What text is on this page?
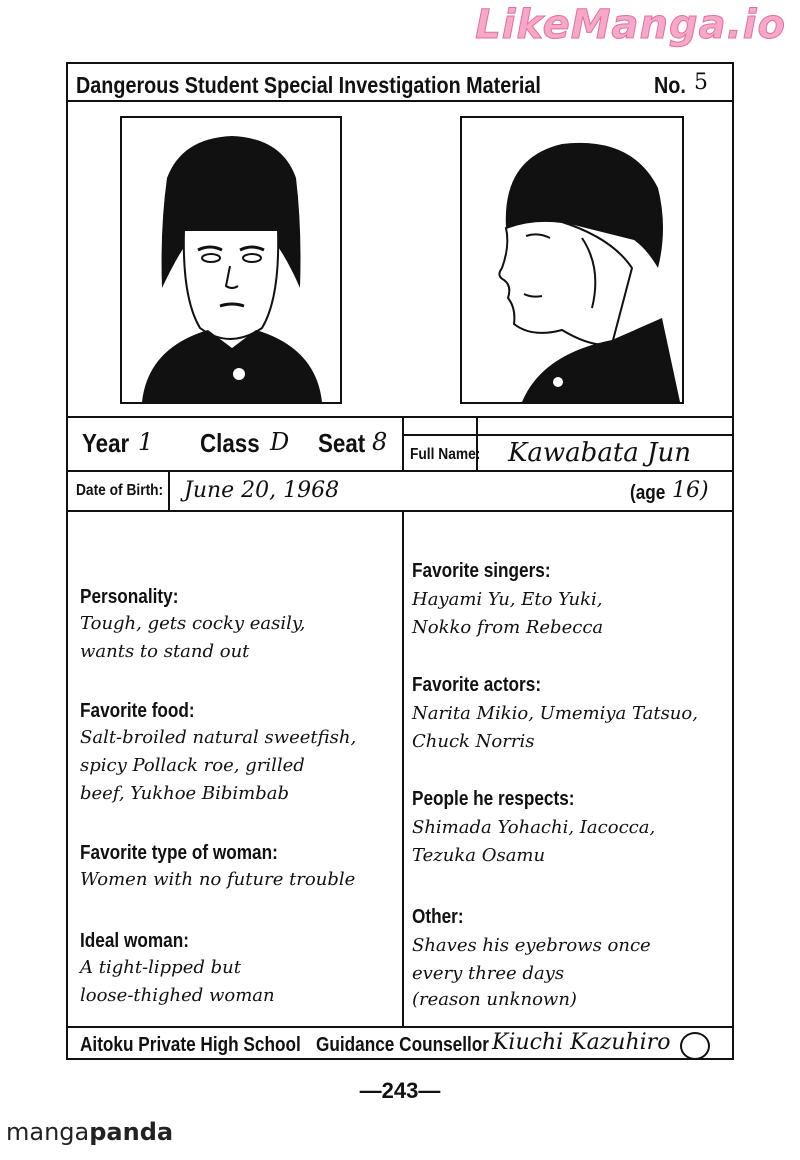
LikeManga.io
Dangerous Student Special Investigation Material	No. 5
Year 1 Class D Seat 8 Full Name: Kawabata Jun
Date of Birth: June 20, 1968	(age 16)
Personality:
Tough, gets cocky easily,
wants to stand out
Favorite food:
Salt-broiled natural sweetfish,
spicy Pollack roe, grilled
beef, Yukhoe Bibimbab
Favorite type of woman:
Women with no future trouble
Ideal woman:
A tight-lipped but
loose-thighed woman
Favorite singers:
Hayami Yu, Eto Yuki,
Nokko from Rebecca
Favorite actors:
Narita Mikio, Umemiya Tatsuo,
Chuck Norris
People he respects:
Shimada Yohachi, Iacocca,
Tezuka Osamu
Other:
Shaves his eyebrows once
every three days
(reason unknown)
Aitoku Private High School Guidance Counsellor Kiuchi Kazuhiro
—243—
mangapanda
